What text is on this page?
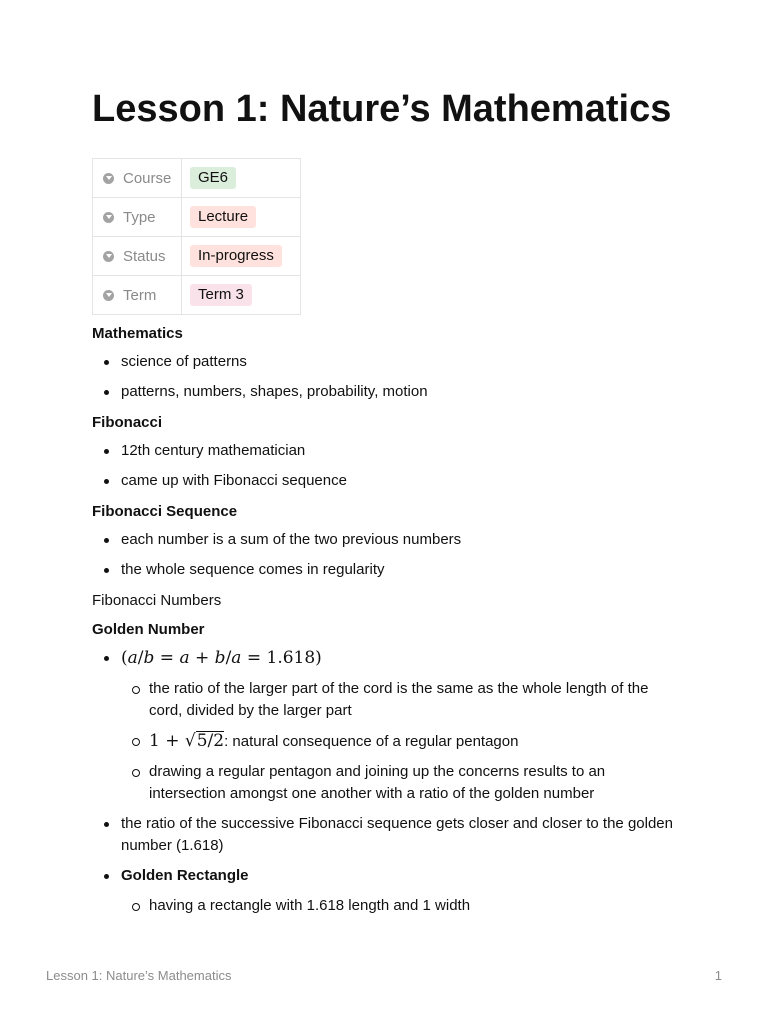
Lesson 1: Nature’s Mathematics
Course	GE6
Type	Lecture
Status	In-progress
Term	Term 3
Mathematics
science of patterns
patterns, numbers, shapes, probability, motion
Fibonacci
12th century mathematician
came up with Fibonacci sequence
Fibonacci Sequence
each number is a sum of the two previous numbers
the whole sequence comes in regularity

Fibonacci Numbers

Golden Number
(a/b = a + b/a = 1.618)
the ratio of the larger part of the cord is the same as the whole length of the cord, divided by the larger part
1 + √5/2: natural consequence of a regular pentagon
drawing a regular pentagon and joining up the concerns results to an intersection amongst one another with a ratio of the golden number
the ratio of the successive Fibonacci sequence gets closer and closer to the golden number (1.618)
Golden Rectangle
having a rectangle with 1.618 length and 1 width
Lesson 1: Nature’s Mathematics	1
